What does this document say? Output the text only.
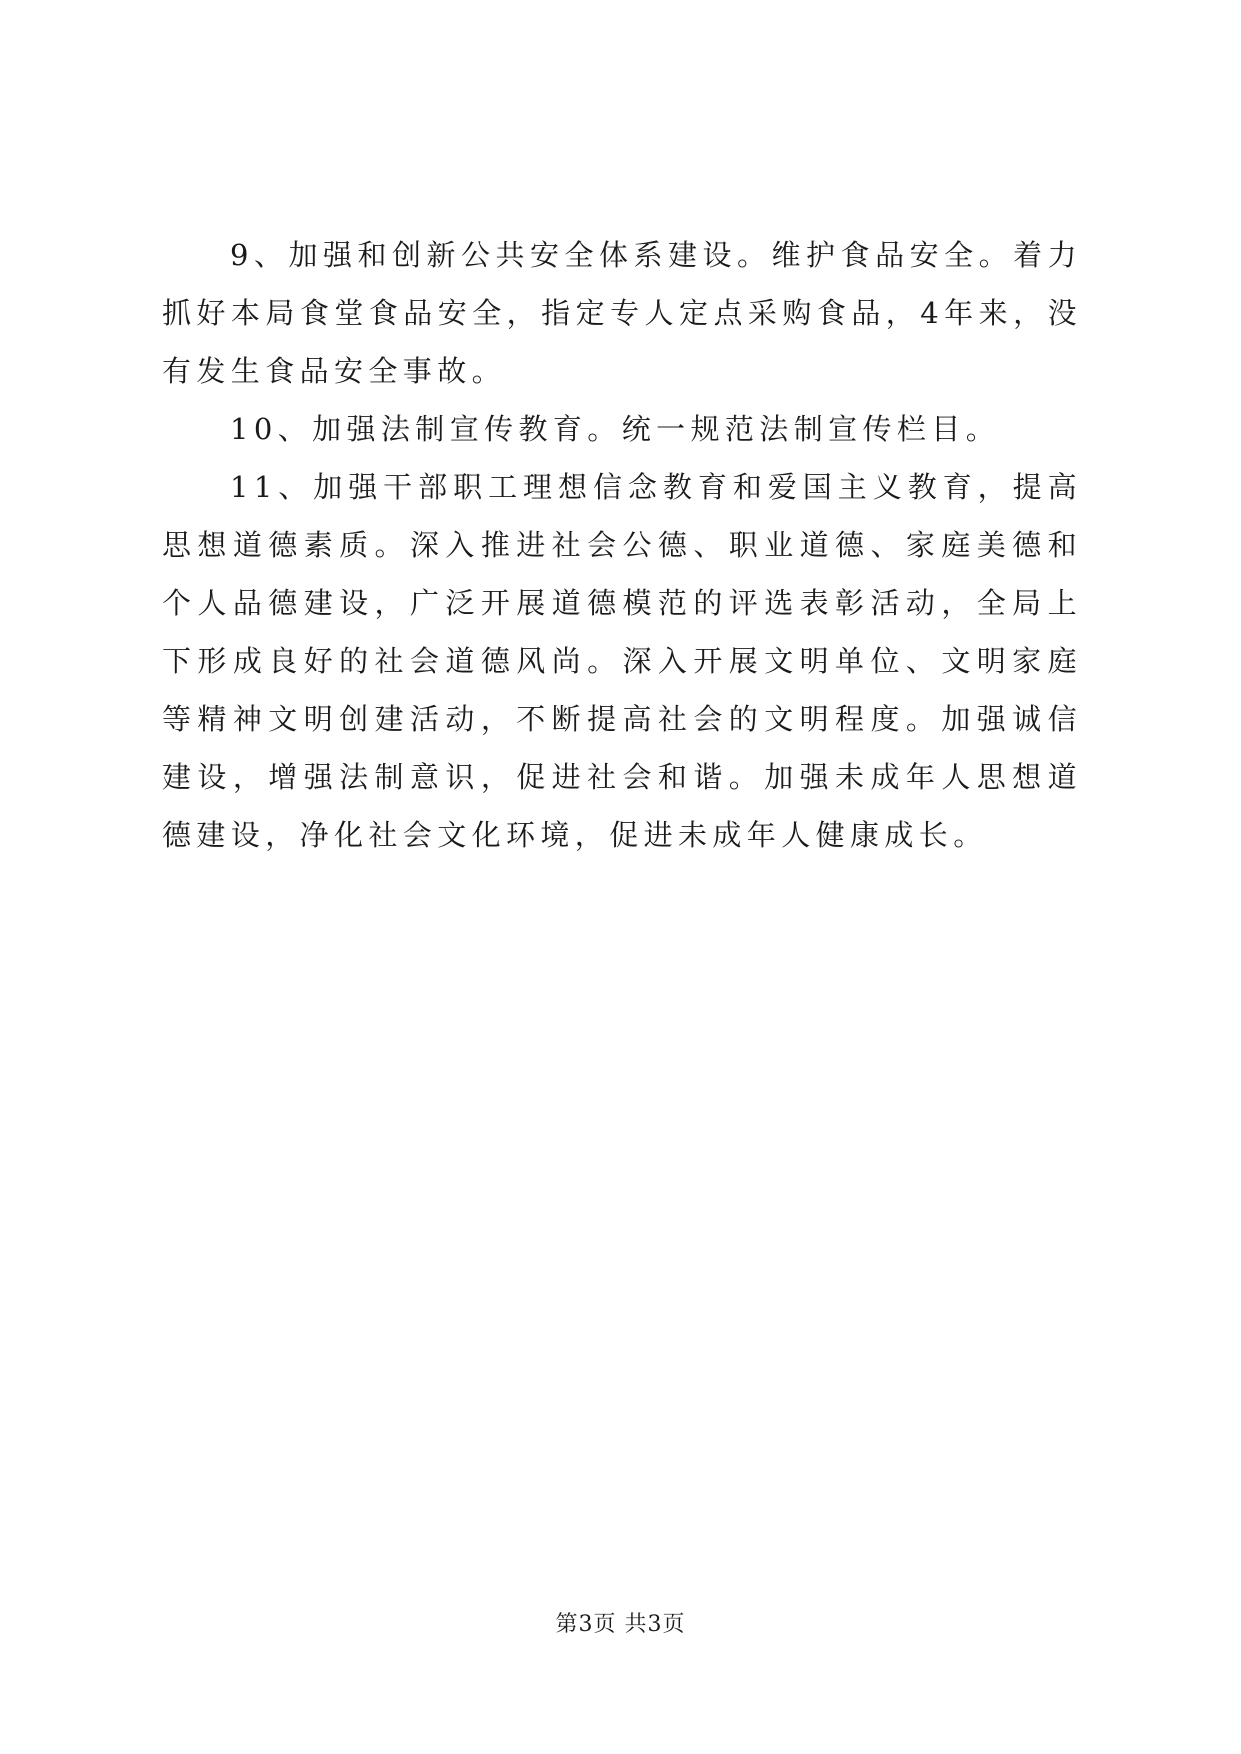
9、加强和创新公共安全体系建设。维护食品安全。着力抓好本局食堂食品安全，指定专人定点采购食品，4年来，没有发生食品安全事故。

10、加强法制宣传教育。统一规范法制宣传栏目。

11、加强干部职工理想信念教育和爱国主义教育，提高思想道德素质。深入推进社会公德、职业道德、家庭美德和个人品德建设，广泛开展道德模范的评选表彰活动，全局上下形成良好的社会道德风尚。深入开展文明单位、文明家庭等精神文明创建活动，不断提高社会的文明程度。加强诚信建设，增强法制意识，促进社会和谐。加强未成年人思想道德建设，净化社会文化环境，促进未成年人健康成长。

第3页 共3页
